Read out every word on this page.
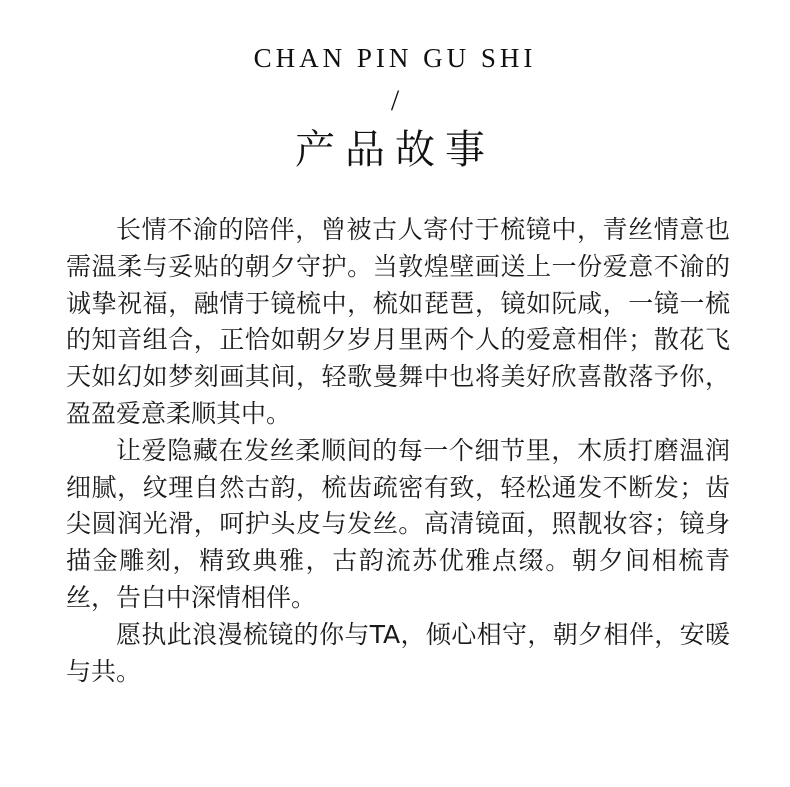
CHAN PIN GU SHI
/
产品故事

长情不渝的陪伴，曾被古人寄付于梳镜中，青丝情意也需温柔与妥贴的朝夕守护。当敦煌壁画送上一份爱意不渝的诚挚祝福，融情于镜梳中，梳如琵琶，镜如阮咸，一镜一梳的知音组合，正恰如朝夕岁月里两个人的爱意相伴；散花飞天如幻如梦刻画其间，轻歌曼舞中也将美好欣喜散落予你，盈盈爱意柔顺其中。

让爱隐藏在发丝柔顺间的每一个细节里，木质打磨温润细腻，纹理自然古韵，梳齿疏密有致，轻松通发不断发；齿尖圆润光滑，呵护头皮与发丝。高清镜面，照靓妆容；镜身描金雕刻，精致典雅，古韵流苏优雅点缀。朝夕间相梳青丝，告白中深情相伴。

愿执此浪漫梳镜的你与TA，倾心相守，朝夕相伴，安暖与共。
